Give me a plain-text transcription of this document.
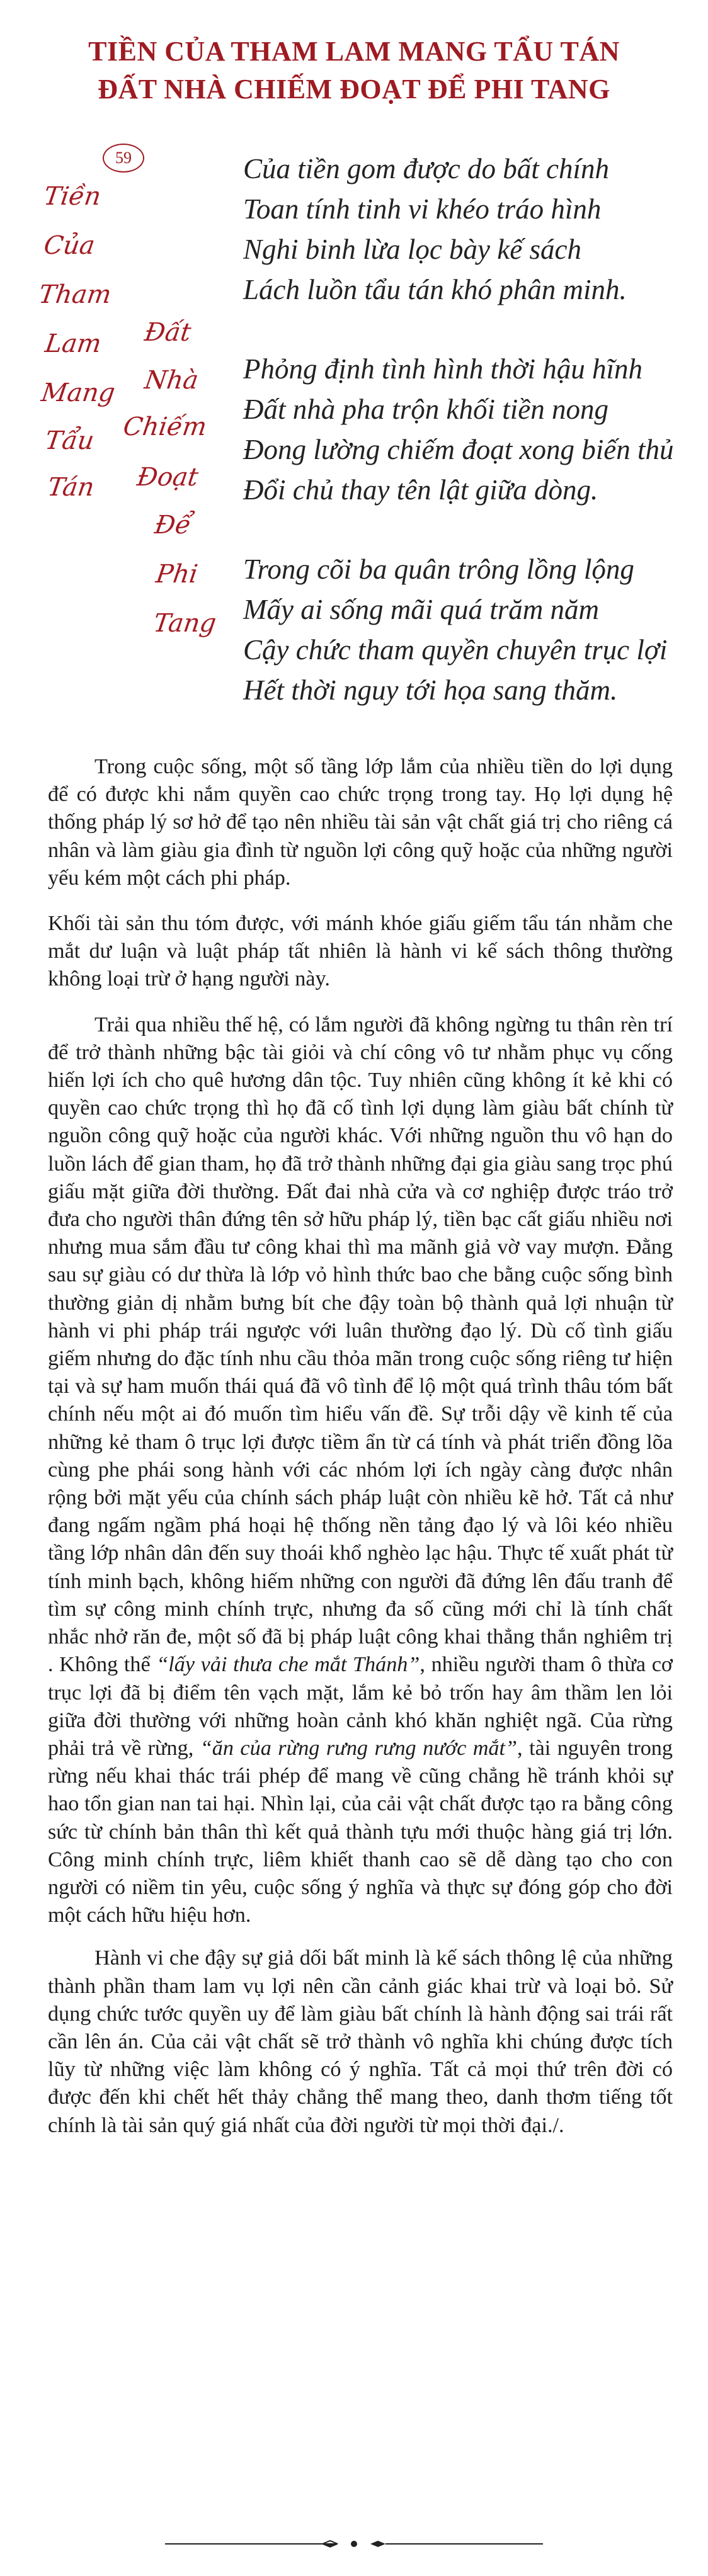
TIỀN CỦA THAM LAM MANG TẨU TÁN
ĐẤT NHÀ CHIẾM ĐOẠT ĐỂ PHI TANG
59
Tiền
Của
Tham
Lam
Mang
Tẩu
Tán
Đất
Nhà
Chiếm
Đoạt
Để
Phi
Tang
Của tiền gom được do bất chính
Toan tính tinh vi khéo tráo hình
Nghi binh lừa lọc bày kế sách
Lách luồn tẩu tán khó phân minh.
Phỏng định tình hình thời hậu hĩnh
Đất nhà pha trộn khối tiền nong
Đong lường chiếm đoạt xong biến thủ
Đổi chủ thay tên lật giữa dòng.
Trong cõi ba quân trông lồng lộng
Mấy ai sống mãi quá trăm năm
Cậy chức tham quyền chuyên trục lợi
Hết thời nguy tới họa sang thăm.

Trong cuộc sống, một số tầng lớp lắm của nhiều tiền do lợi dụng để có được khi nắm quyền cao chức trọng trong tay. Họ lợi dụng hệ thống pháp lý sơ hở để tạo nên nhiều tài sản vật chất giá trị cho riêng cá nhân và làm giàu gia đình từ nguồn lợi công quỹ hoặc của những người yếu kém một cách phi pháp.

Khối tài sản thu tóm được, với mánh khóe giấu giếm tẩu tán nhằm che mắt dư luận và luật pháp tất nhiên là hành vi kế sách thông thường không loại trừ ở hạng người này.

Trải qua nhiều thế hệ, có lắm người đã không ngừng tu thân rèn trí để trở thành những bậc tài giỏi và chí công vô tư nhằm phục vụ cống hiến lợi ích cho quê hương dân tộc. Tuy nhiên cũng không ít kẻ khi có quyền cao chức trọng thì họ đã cố tình lợi dụng làm giàu bất chính từ nguồn công quỹ hoặc của người khác. Với những nguồn thu vô hạn do luồn lách để gian tham, họ đã trở thành những đại gia giàu sang trọc phú giấu mặt giữa đời thường. Đất đai nhà cửa và cơ nghiệp được tráo trở đưa cho người thân đứng tên sở hữu pháp lý, tiền bạc cất giấu nhiều nơi nhưng mua sắm đầu tư công khai thì ma mãnh giả vờ vay mượn. Đằng sau sự giàu có dư thừa là lớp vỏ hình thức bao che bằng cuộc sống bình thường giản dị nhằm bưng bít che đậy toàn bộ thành quả lợi nhuận từ hành vi phi pháp trái ngược với luân thường đạo lý. Dù cố tình giấu giếm nhưng do đặc tính nhu cầu thỏa mãn trong cuộc sống riêng tư hiện tại và sự ham muốn thái quá đã vô tình để lộ một quá trình thâu tóm bất chính nếu một ai đó muốn tìm hiểu vấn đề. Sự trỗi dậy về kinh tế của những kẻ tham ô trục lợi được tiềm ẩn từ cá tính và phát triển đồng lõa cùng phe phái song hành với các nhóm lợi ích ngày càng được nhân rộng bởi mặt yếu của chính sách pháp luật còn nhiều kẽ hở. Tất cả như đang ngấm ngầm phá hoại hệ thống nền tảng đạo lý và lôi kéo nhiều tầng lớp nhân dân đến suy thoái khổ nghèo lạc hậu. Thực tế xuất phát từ tính minh bạch, không hiếm những con người đã đứng lên đấu tranh để tìm sự công minh chính trực, nhưng đa số cũng mới chỉ là tính chất nhắc nhở răn đe, một số đã bị pháp luật công khai thẳng thắn nghiêm trị . Không thể “lấy vải thưa che mắt Thánh”, nhiều người tham ô thừa cơ trục lợi đã bị điểm tên vạch mặt, lắm kẻ bỏ trốn hay âm thầm len lỏi giữa đời thường với những hoàn cảnh khó khăn nghiệt ngã. Của rừng phải trả về rừng, “ăn của rừng rưng rưng nước mắt”, tài nguyên trong rừng nếu khai thác trái phép để mang về cũng chẳng hề tránh khỏi sự hao tổn gian nan tai hại. Nhìn lại, của cải vật chất được tạo ra bằng công sức từ chính bản thân thì kết quả thành tựu mới thuộc hàng giá trị lớn. Công minh chính trực, liêm khiết thanh cao sẽ dễ dàng tạo cho con người có niềm tin yêu, cuộc sống ý nghĩa và thực sự đóng góp cho đời một cách hữu hiệu hơn.

Hành vi che đậy sự giả dối bất minh là kế sách thông lệ của những thành phần tham lam vụ lợi nên cần cảnh giác khai trừ và loại bỏ. Sử dụng chức tước quyền uy để làm giàu bất chính là hành động sai trái rất cần lên án. Của cải vật chất sẽ trở thành vô nghĩa khi chúng được tích lũy từ những việc làm không có ý nghĩa. Tất cả mọi thứ trên đời có được đến khi chết hết thảy chẳng thể mang theo, danh thơm tiếng tốt chính là tài sản quý giá nhất của đời người từ mọi thời đại./.
